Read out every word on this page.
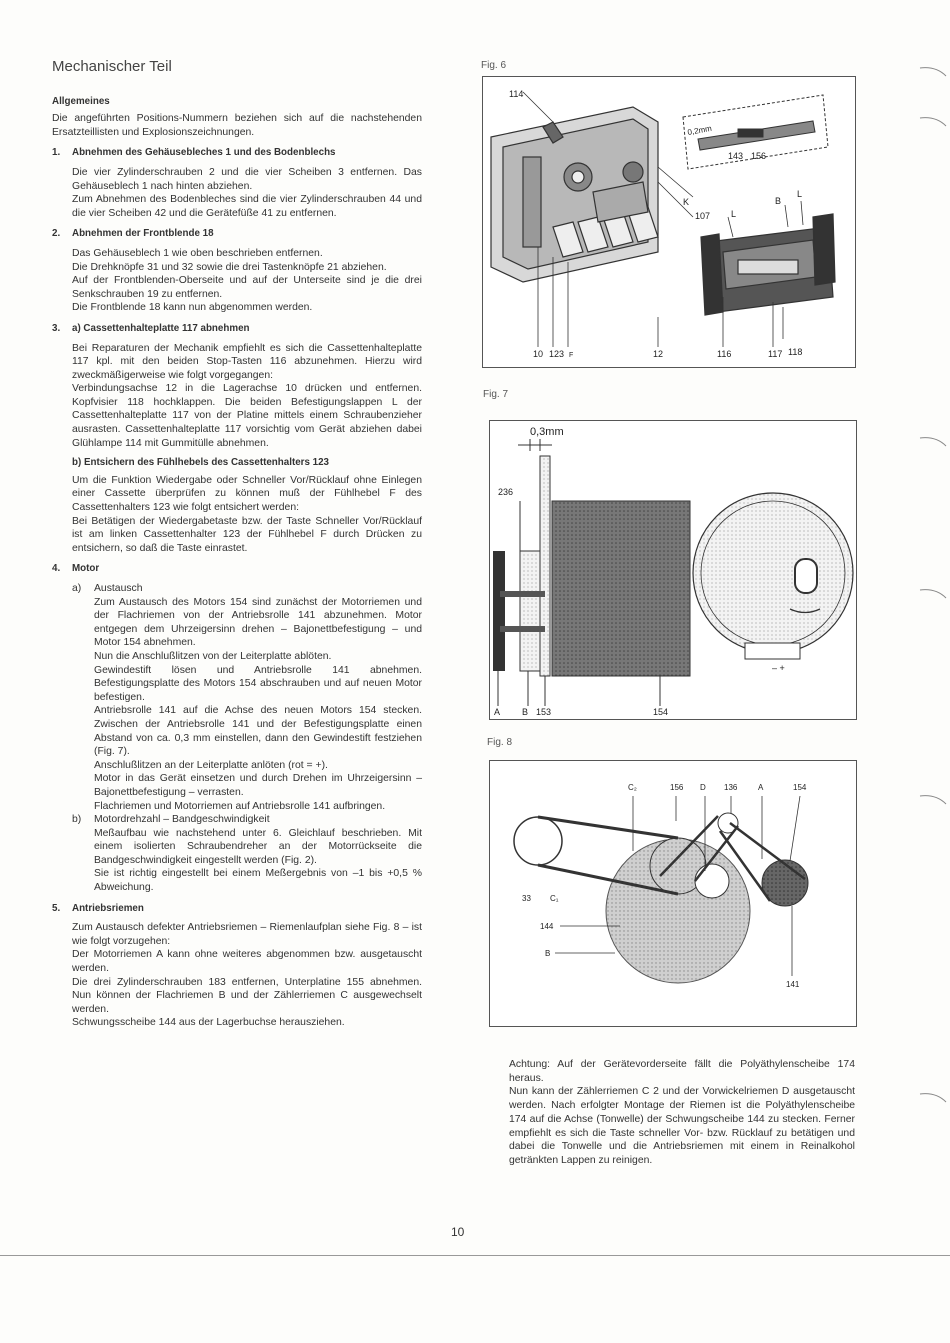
Mechanischer Teil
Allgemeines

Die angeführten Positions-Nummern beziehen sich auf die nachstehenden Ersatzteillisten und Explosionszeichnungen.

1. Abnehmen des Gehäusebleches 1 und des Bodenblechs

Die vier Zylinderschrauben 2 und die vier Scheiben 3 entfernen. Das Gehäuseblech 1 nach hinten abziehen.

Zum Abnehmen des Bodenbleches sind die vier Zylinderschrauben 44 und die vier Scheiben 42 und die Gerätefüße 41 zu entfernen.

2. Abnehmen der Frontblende 18

Das Gehäuseblech 1 wie oben beschrieben entfernen.

Die Drehknöpfe 31 und 32 sowie die drei Tastenknöpfe 21 abziehen.

Auf der Frontblenden-Oberseite und auf der Unterseite sind je die drei Senkschrauben 19 zu entfernen.

Die Frontblende 18 kann nun abgenommen werden.

3. a) Cassettenhalteplatte 117 abnehmen

Bei Reparaturen der Mechanik empfiehlt es sich die Cassettenhalteplatte 117 kpl. mit den beiden Stop-Tasten 116 abzunehmen. Hierzu wird zweckmäßigerweise wie folgt vorgegangen:

Verbindungsachse 12 in die Lagerachse 10 drücken und entfernen. Kopfvisier 118 hochklappen. Die beiden Befestigungslappen L der Cassettenhalteplatte 117 von der Platine mittels einem Schraubenzieher ausrasten. Cassettenhalteplatte 117 vorsichtig vom Gerät abziehen dabei Glühlampe 114 mit Gummitülle abnehmen.

b) Entsichern des Fühlhebels des Cassettenhalters 123

Um die Funktion Wiedergabe oder Schneller Vor/Rücklauf ohne Einlegen einer Cassette überprüfen zu können muß der Fühlhebel F des Cassettenhalters 123 wie folgt entsichert werden:

Bei Betätigen der Wiedergabetaste bzw. der Taste Schneller Vor/Rücklauf ist am linken Cassettenhalter 123 der Fühlhebel F durch Drücken zu entsichern, so daß die Taste einrastet.

4. Motor
a)	Austausch

Zum Austausch des Motors 154 sind zunächst der Motorriemen und der Flachriemen von der Antriebsrolle 141 abzunehmen. Motor entgegen dem Uhrzeigersinn drehen – Bajonettbefestigung – und Motor 154 abnehmen.

Nun die Anschlußlitzen von der Leiterplatte ablöten.

Gewindestift lösen und Antriebsrolle 141 abnehmen. Befestigungsplatte des Motors 154 abschrauben und auf neuen Motor befestigen.

Antriebsrolle 141 auf die Achse des neuen Motors 154 stecken. Zwischen der Antriebsrolle 141 und der Befestigungsplatte einen Abstand von ca. 0,3 mm einstellen, dann den Gewindestift festziehen (Fig. 7).

Anschlußlitzen an der Leiterplatte anlöten (rot = +).

Motor in das Gerät einsetzen und durch Drehen im Uhrzeigersinn – Bajonettbefestigung – verrasten.

Flachriemen und Motorriemen auf Antriebsrolle 141 aufbringen.

b)	Motordrehzahl – Bandgeschwindigkeit

Meßaufbau wie nachstehend unter 6. Gleichlauf beschrieben. Mit einem isolierten Schraubendreher an der Motorrückseite die Bandgeschwindigkeit eingestellt werden (Fig. 2).

Sie ist richtig eingestellt bei einem Meßergebnis von –1 bis +0,5 % Abweichung.

5. Antriebsriemen

Zum Austausch defekter Antriebsriemen – Riemenlaufplan siehe Fig. 8 – ist wie folgt vorzugehen:

Der Motorriemen A kann ohne weiteres abgenommen bzw. ausgetauscht werden.

Die drei Zylinderschrauben 183 entfernen, Unterplatine 155 abnehmen. Nun können der Flachriemen B und der Zählerriemen C ausgewechselt werden.

Schwungsscheibe 144 aus der Lagerbuchse herausziehen.

Fig. 6
114
0,2mm
143 156
K
107 L
B
L
10 123 F	12	116	117 118
Fig. 7
0,3mm
236
A B 153	154
– +
Fig. 8
C₂	156 D 136	A	154
33 C₁
144
B
141

Achtung: Auf der Gerätevorderseite fällt die Polyäthylenscheibe 174 heraus.

Nun kann der Zählerriemen C 2 und der Vorwickelriemen D ausgetauscht werden. Nach erfolgter Montage der Riemen ist die Polyäthylenscheibe 174 auf die Achse (Tonwelle) der Schwungscheibe 144 zu stecken. Ferner empfiehlt es sich die Taste schneller Vor- bzw. Rücklauf zu betätigen und dabei die Tonwelle und die Antriebsriemen mit einem in Reinalkohol getränkten Lappen zu reinigen.

10
